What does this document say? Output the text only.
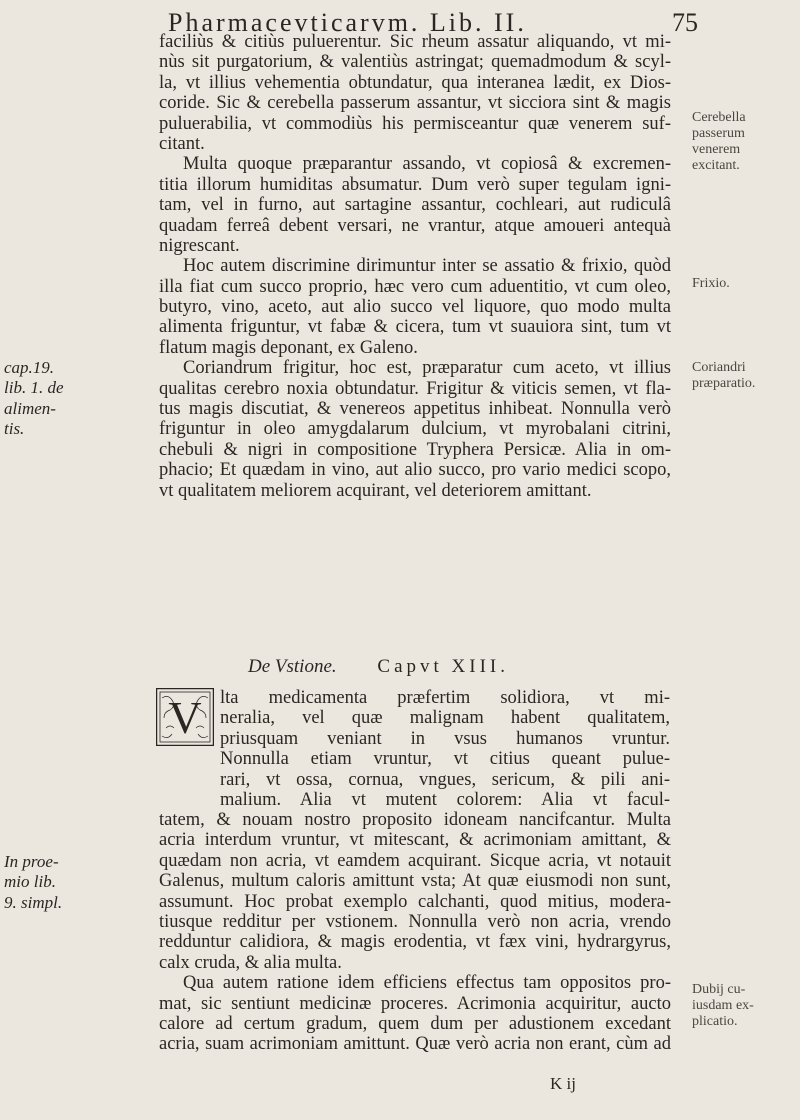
Pharmacevticarvm. Lib. II.	75
faciliùs & citiùs puluerentur. Sic rheum assatur aliquando, vt mi-
nùs sit purgatorium, & valentiùs astringat; quemadmodum & scyl-
la, vt illius vehementia obtundatur, qua interanea lædit, ex Dios-
coride. Sic & cerebella passerum assantur, vt sicciora sint & magis
puluerabilia, vt commodiùs his permisceantur quæ venerem suf-
citant.
Multa quoque præparantur assando, vt copiosâ & excremen-
titia illorum humiditas absumatur. Dum verò super tegulam igni-
tam, vel in furno, aut sartagine assantur, cochleari, aut rudiculâ
quadam ferreâ debent versari, ne vrantur, atque amoueri antequà
nigrescant.
Hoc autem discrimine dirimuntur inter se assatio & frixio, quòd
illa fiat cum succo proprio, hæc vero cum aduentitio, vt cum oleo,
butyro, vino, aceto, aut alio succo vel liquore, quo modo multa
alimenta friguntur, vt fabæ & cicera, tum vt suauiora sint, tum vt
flatum magis deponant, ex Galeno.
Coriandrum frigitur, hoc est, præparatur cum aceto, vt illius
qualitas cerebro noxia obtundatur. Frigitur & viticis semen, vt fla-
tus magis discutiat, & venereos appetitus inhibeat. Nonnulla verò
friguntur in oleo amygdalarum dulcium, vt myrobalani citrini,
chebuli & nigri in compositione Tryphera Persicæ. Alia in om-
phacio; Et quædam in vino, aut alio succo, pro vario medici scopo,
vt qualitatem meliorem acquirant, vel deteriorem amittant.
De Vstione. Capvt XIII.
V lta medicamenta præfertim solidiora, vt mi-
neralia, vel quæ malignam habent qualitatem,
priusquam veniant in vsus humanos vruntur.
Nonnulla etiam vruntur, vt citius queant pulue-
rari, vt ossa, cornua, vngues, sericum, & pili ani-
malium. Alia vt mutent colorem: Alia vt facul-
tatem, & nouam nostro proposito idoneam nancifcantur. Multa
acria interdum vruntur, vt mitescant, & acrimoniam amittant, &
quædam non acria, vt eamdem acquirant. Sicque acria, vt notauit
Galenus, multum caloris amittunt vsta; At quæ eiusmodi non sunt,
assumunt. Hoc probat exemplo calchanti, quod mitius, modera-
tiusque redditur per vstionem. Nonnulla verò non acria, vrendo
redduntur calidiora, & magis erodentia, vt fæx vini, hydrargyrus,
calx cruda, & alia multa.
Qua autem ratione idem efficiens effectus tam oppositos pro-
mat, sic sentiunt medicinæ proceres. Acrimonia acquiritur, aucto
calore ad certum gradum, quem dum per adustionem excedant
acria, suam acrimoniam amittunt. Quæ verò acria non erant, cùm ad
K ij
cap.19.
lib. 1. de
alimen-
tis.
In proe-
mio lib.
9. simpl.
Cerebella
passerum
venerem
excitant.
Frixio.
Coriandri
præparatio.
Dubij cu-
iusdam ex-
plicatio.
